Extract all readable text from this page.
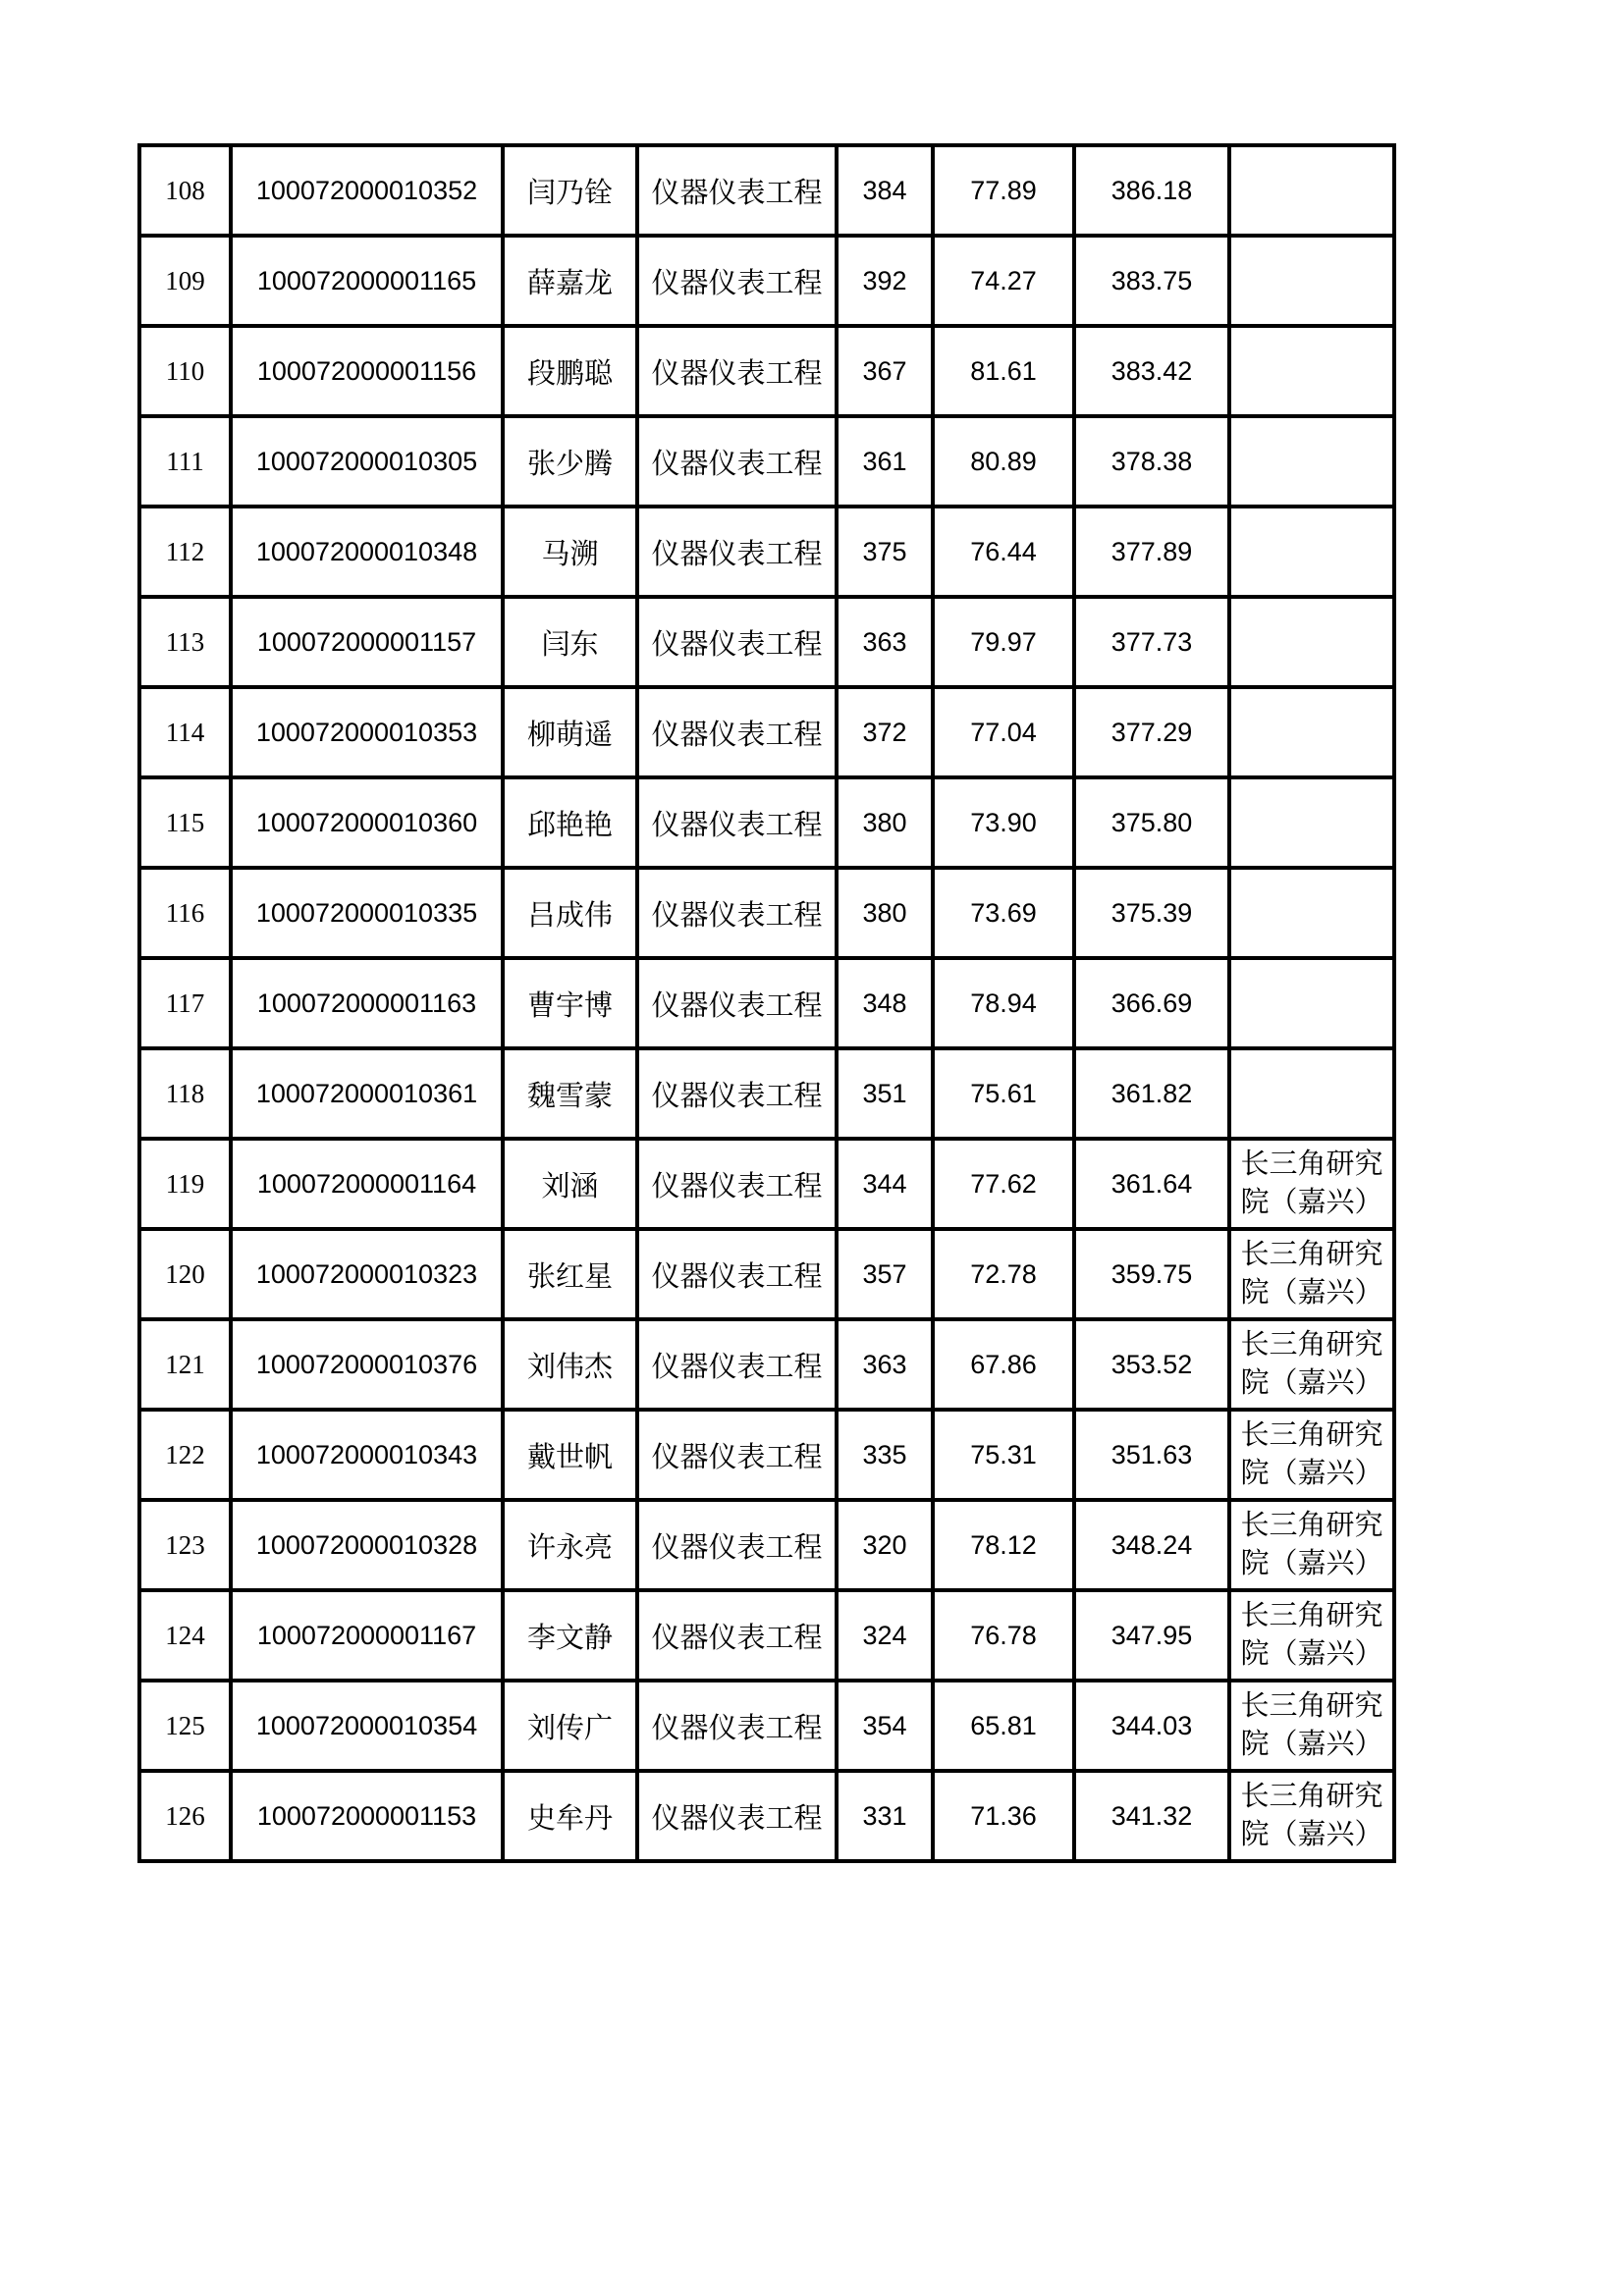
108	100072000010352	闫乃铨	仪器仪表工程	384	77.89	386.18	
109	100072000001165	薛嘉龙	仪器仪表工程	392	74.27	383.75	
110	100072000001156	段鹏聪	仪器仪表工程	367	81.61	383.42	
111	100072000010305	张少腾	仪器仪表工程	361	80.89	378.38	
112	100072000010348	马溯	仪器仪表工程	375	76.44	377.89	
113	100072000001157	闫东	仪器仪表工程	363	79.97	377.73	
114	100072000010353	柳萌遥	仪器仪表工程	372	77.04	377.29	
115	100072000010360	邱艳艳	仪器仪表工程	380	73.90	375.80	
116	100072000010335	吕成伟	仪器仪表工程	380	73.69	375.39	
117	100072000001163	曹宇博	仪器仪表工程	348	78.94	366.69	
118	100072000010361	魏雪蒙	仪器仪表工程	351	75.61	361.82	
119	100072000001164	刘涵	仪器仪表工程	344	77.62	361.64	长三角研究院（嘉兴）
120	100072000010323	张红星	仪器仪表工程	357	72.78	359.75	长三角研究院（嘉兴）
121	100072000010376	刘伟杰	仪器仪表工程	363	67.86	353.52	长三角研究院（嘉兴）
122	100072000010343	戴世帆	仪器仪表工程	335	75.31	351.63	长三角研究院（嘉兴）
123	100072000010328	许永亮	仪器仪表工程	320	78.12	348.24	长三角研究院（嘉兴）
124	100072000001167	李文静	仪器仪表工程	324	76.78	347.95	长三角研究院（嘉兴）
125	100072000010354	刘传广	仪器仪表工程	354	65.81	344.03	长三角研究院（嘉兴）
126	100072000001153	史牟丹	仪器仪表工程	331	71.36	341.32	长三角研究院（嘉兴）
